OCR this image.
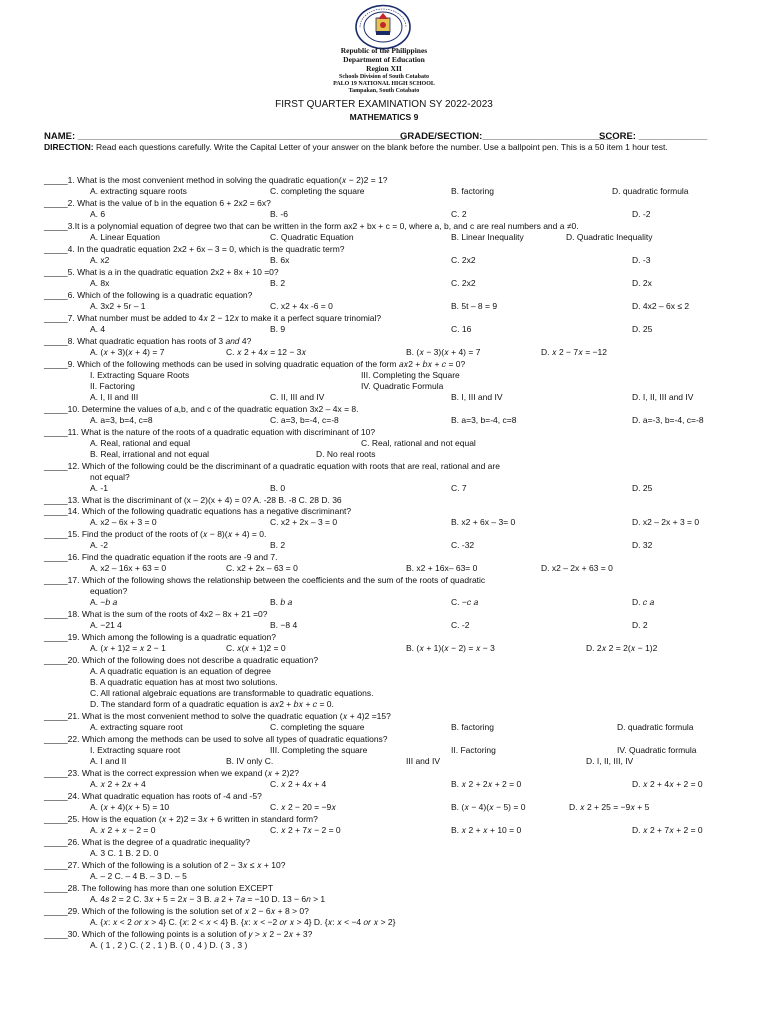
Republic of the Philippines
Department of Education
Region XII
Schools Division of South Cotabato
PALO 19 NATIONAL HIGH SCHOOL
Tampakan, South Cotabato
FIRST QUARTER EXAMINATION SY 2022-2023
MATHEMATICS 9
NAME: ______________________________________________________________
GRADE/SECTION:_________________________
SCORE: _____________
DIRECTION: Read each questions carefully. Write the Capital Letter of your answer on the blank before the number. Use a ballpoint pen. This is a 50 item 1 hour test.
_____1. What is the most convenient method in solving the quadratic equation(𝑥 − 2)2 = 1?
A. extracting square roots	C. completing the square	B. factoring	D. quadratic formula
_____2. What is the value of b in the equation 6 + 2x2 = 6x?
A. 6	B. -6	C. 2	D. -2
_____3.It is a polynomial equation of degree two that can be written in the form ax2 + bx + c = 0, where a, b, and c are real numbers and a ≠0.
A. Linear Equation	C. Quadratic Equation	B. Linear Inequality	D. Quadratic Inequality
_____4. In the quadratic equation 2x2 + 6x – 3 = 0, which is the quadratic term?
A. x2	B. 6x	C. 2x2	D. -3
_____5. What is a in the quadratic equation 2x2 + 8x + 10 =0?
A. 8x	B. 2	C. 2x2	D. 2x
_____6. Which of the following is a quadratic equation?
A. 3x2 + 5r – 1	C. x2 + 4x -6 = 0	B. 5t – 8 = 9	D. 4x2 – 6x ≤ 2
_____7. What number must be added to 4𝑥 2 − 12𝑥 to make it a perfect square trinomial?
A. 4	B. 9	C. 16	D. 25
_____8. What quadratic equation has roots of 3 𝑎𝑛𝑑 4?
A. (𝑥 + 3)(𝑥 + 4) = 7	C. 𝑥 2 + 4𝑥 = 12 − 3𝑥	B. (𝑥 − 3)(𝑥 + 4) = 7	D. 𝑥 2 − 7𝑥 = −12
_____9. Which of the following methods can be used in solving quadratic equation of the form 𝑎𝑥2 + 𝑏𝑥 + 𝑐 = 0?
I. Extracting Square Roots	III. Completing the Square
II. Factoring	IV. Quadratic Formula
A. I, II and III	C. II, III and IV	B. I, III and IV	D. I, II, III and IV
_____10. Determine the values of a,b, and c of the quadratic equation 3x2 – 4x = 8.
A. a=3, b=4, c=8	C. a=3, b=-4, c=-8	B. a=3, b=-4, c=8	D. a=-3, b=-4, c=-8
_____11. What is the nature of the roots of a quadratic equation with discriminant of 10?
A. Real, rational and equal	C. Real, rational and not equal
B. Real, irrational and not equal	D. No real roots
_____12. Which of the following could be the discriminant of a quadratic equation with roots that are real, rational and are
not equal?
A. -1	B. 0	C. 7	D. 25
_____13. What is the discriminant of (x – 2)(x + 4) = 0? A. -28 B. -8 C. 28 D. 36
_____14. Which of the following quadratic equations has a negative discriminant?
A. x2 – 6x + 3 = 0	C. x2 + 2x – 3 = 0	B. x2 + 6x – 3= 0	D. x2 – 2x + 3 = 0
_____15. Find the product of the roots of (𝑥 − 8)(𝑥 + 4) = 0.
A. -2	B. 2	C. -32	D. 32
_____16. Find the quadratic equation if the roots are -9 and 7.
A. x2 – 16x + 63 = 0	C. x2 + 2x – 63 = 0	B. x2 + 16x– 63= 0	D. x2 – 2x + 63 = 0
_____17. Which of the following shows the relationship between the coefficients and the sum of the roots of quadratic
equation?
A. −𝑏 𝑎	B. 𝑏 𝑎	C. −𝑐 𝑎	D. 𝑐 𝑎
_____18. What is the sum of the roots of 4x2 – 8x + 21 =0?
A. −21 4	B. −8 4	C. -2	D. 2
_____19. Which among the following is a quadratic equation?
A. (𝑥 + 1)2 = 𝑥 2 − 1	C. 𝑥(𝑥 + 1)2 = 0	B. (𝑥 + 1)(𝑥 − 2) = 𝑥 − 3	D. 2𝑥 2 = 2(𝑥 − 1)2
_____20. Which of the following does not describe a quadratic equation?
A. A quadratic equation is an equation of degree
B. A quadratic equation has at most two solutions.
C. All rational algebraic equations are transformable to quadratic equations.
D. The standard form of a quadratic equation is 𝑎𝑥2 + 𝑏𝑥 + 𝑐 = 0.
_____21. What is the most convenient method to solve the quadratic equation (𝑥 + 4)2 =15?
A. extracting square root	C. completing the square	B. factoring	D. quadratic formula
_____22. Which among the methods can be used to solve all types of quadratic equations?
I. Extracting square root	III. Completing the square	II. Factoring	IV. Quadratic formula
A. I and II	B. IV only C.	III and IV	D. I, II, III, IV
_____23. What is the correct expression when we expand (𝑥 + 2)2?
A. 𝑥 2 + 2𝑥 + 4	C. 𝑥 2 + 4𝑥 + 4	B. 𝑥 2 + 2𝑥 + 2 = 0	D. 𝑥 2 + 4𝑥 + 2 = 0
_____24. What quadratic equation has roots of -4 and -5?
A. (𝑥 + 4)(𝑥 + 5) = 10	C. 𝑥 2 − 20 = −9𝑥	B. (𝑥 − 4)(𝑥 − 5) = 0	D. 𝑥 2 + 25 = −9𝑥 + 5
_____25. How is the equation (𝑥 + 2)2 = 3𝑥 + 6 written in standard form?
A. 𝑥 2 + 𝑥 − 2 = 0	C. 𝑥 2 + 7𝑥 − 2 = 0	B. 𝑥 2 + 𝑥 + 10 = 0	D. 𝑥 2 + 7𝑥 + 2 = 0
_____26. What is the degree of a quadratic inequality?
A. 3 C. 1 B. 2 D. 0
_____27. Which of the following is a solution of 2 − 3𝑥 ≤ 𝑥 + 10?
A. – 2 C. – 4 B. – 3 D. – 5
_____28. The following has more than one solution EXCEPT
A. 4𝑠 2 = 2 C. 3𝑥 + 5 = 2𝑥 − 3 B. 𝑎 2 + 7𝑎 = −10 D. 13 − 6𝑛 > 1
_____29. Which of the following is the solution set of 𝑥 2 − 6𝑥 + 8 > 0?
A. {𝑥: 𝑥 < 2 𝑜𝑟 𝑥 > 4} C. {𝑥: 2 < 𝑥 < 4} B. {𝑥: 𝑥 < −2 𝑜𝑟 𝑥 > 4} D. {𝑥: 𝑥 < −4 𝑜𝑟 𝑥 > 2}
_____30. Which of the following points is a solution of 𝑦 > 𝑥 2 − 2𝑥 + 3?
A. ( 1 , 2 ) C. ( 2 , 1 ) B. ( 0 , 4 ) D. ( 3 , 3 )
